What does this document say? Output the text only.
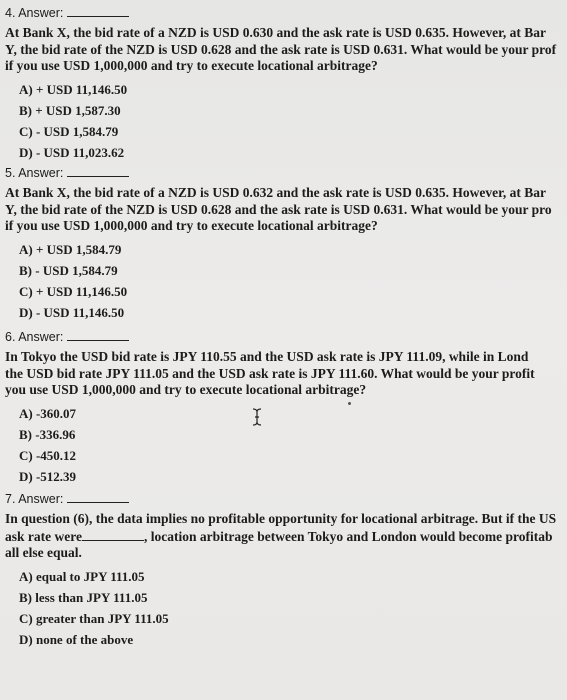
4. Answer:
At Bank X, the bid rate of a NZD is USD 0.630 and the ask rate is USD 0.635. However, at Bar
Y, the bid rate of the NZD is USD 0.628 and the ask rate is USD 0.631. What would be your prof
if you use USD 1,000,000 and try to execute locational arbitrage?
A) + USD 11,146.50
B) + USD 1,587.30
C) - USD 1,584.79
D) - USD 11,023.62
5. Answer:
At Bank X, the bid rate of a NZD is USD 0.632 and the ask rate is USD 0.635. However, at Bar
Y, the bid rate of the NZD is USD 0.628 and the ask rate is USD 0.631. What would be your pro
if you use USD 1,000,000 and try to execute locational arbitrage?
A) + USD 1,584.79
B) - USD 1,584.79
C) + USD 11,146.50
D) - USD 11,146.50
6. Answer:
In Tokyo the USD bid rate is JPY 110.55 and the USD ask rate is JPY 111.09, while in Lond
the USD bid rate JPY 111.05 and the USD ask rate is JPY 111.60. What would be your profit
you use USD 1,000,000 and try to execute locational arbitrage?
A) -360.07
B) -336.96
C) -450.12
D) -512.39
7. Answer:
In question (6), the data implies no profitable opportunity for locational arbitrage. But if the US
ask rate were	, location arbitrage between Tokyo and London would become profitab
all else equal.
A) equal to JPY 111.05
B) less than JPY 111.05
C) greater than JPY 111.05
D) none of the above
